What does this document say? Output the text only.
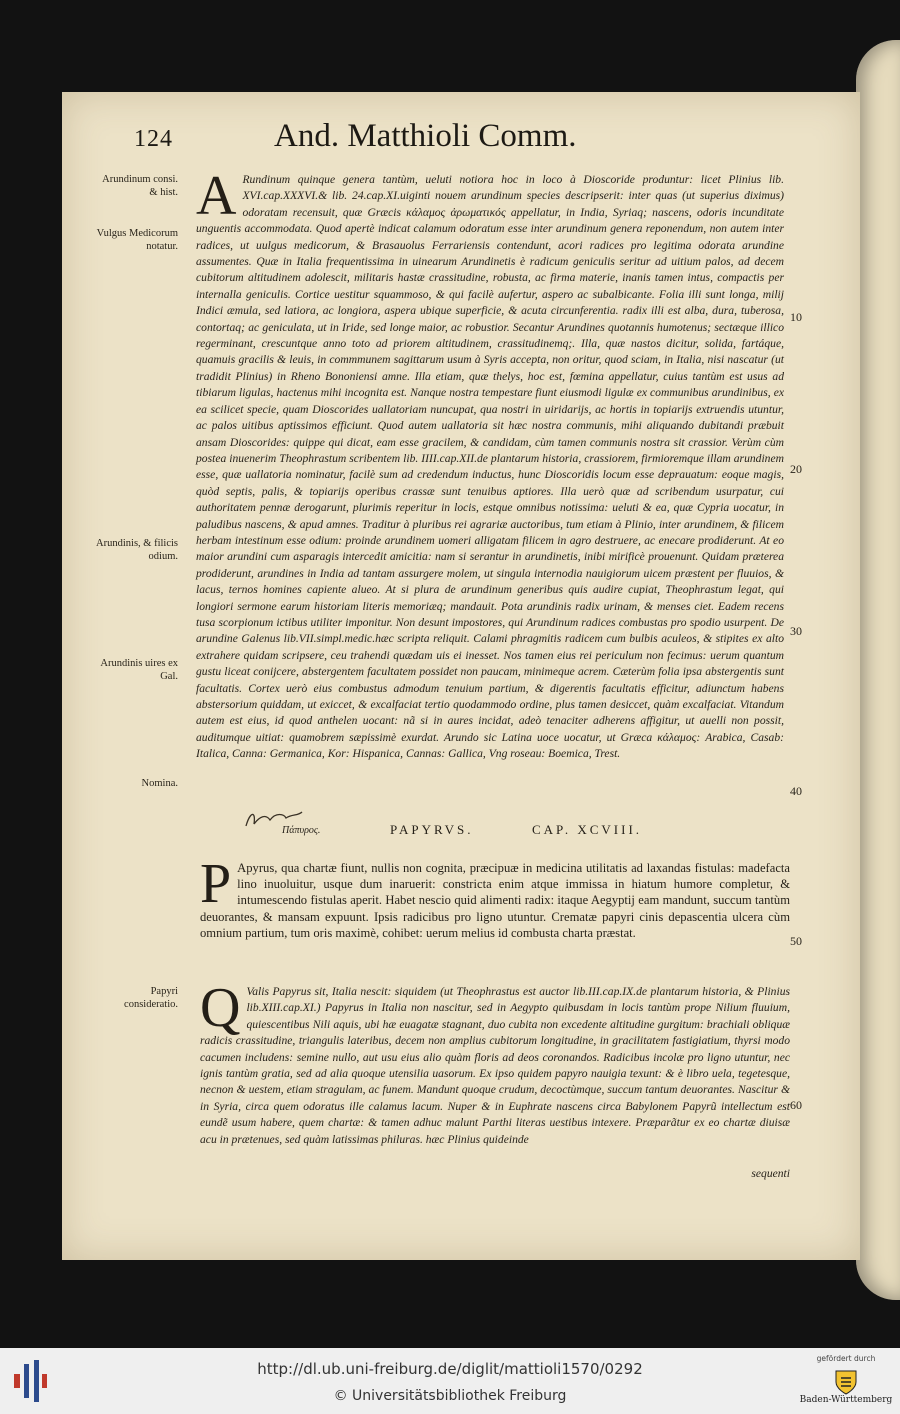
124	And. Matthioli Comm.
Arundinum consi. & hist.
Vulgus Medicorum notatur.
Arundinis, & filicis odium.
Arundinis uires ex Gal.
Nomina.
Papyri consideratio.
A Rundinum quinque genera tantùm, ueluti notiora hoc in loco à Dioscoride produntur: licet Plinius lib. XVI.cap.XXXVI.& lib. 24.cap.XI.uiginti nouem arundinum species descripserit: inter quas (ut superius diximus) odoratam recensuit, quæ Græcis κάλαμος ἀρωματικός appellatur, in India, Syriaq; nascens, odoris incunditate unguentis accommodata. Quod apertè indicat calamum odoratum esse inter arundinum genera reponendum, non autem inter radices, ut uulgus medicorum, & Brasauolus Ferrariensis contendunt, acori radices pro legitima odorata arundine assumentes. Quæ in Italia frequentissima in uinearum Arundinetis è radicum geniculis seritur ad uitium palos, ad decem cubitorum altitudinem adolescit, militaris hastæ crassitudine, robusta, ac firma materie, inanis tamen intus, compactis per internalla geniculis. Cortice uestitur squammoso, & qui facilè aufertur, aspero ac subalbicante. Folia illi sunt longa, milij Indici æmula, sed latiora, ac longiora, aspera ubique superficie, & acuta circunferentia. radix illi est alba, dura, tuberosa, contortaq; ac geniculata, ut in Iride, sed longe maior, ac robustior. Secantur Arundines quotannis humotenus; sectæque illico regerminant, crescuntque anno toto ad priorem altitudinem, crassitudinemq;. Illa, quæ nastos dicitur, solida, fartáque, quamuis gracilis & leuis, in commmunem sagittarum usum à Syris accepta, non oritur, quod sciam, in Italia, nisi nascatur (ut tradidit Plinius) in Rheno Bononiensi amne. Illa etiam, quæ thelys, hoc est, fœmina appellatur, cuius tantùm est usus ad tibiarum ligulas, hactenus mihi incognita est. Nanque nostra tempestare fiunt eiusmodi ligulæ ex communibus arundinibus, ex ea scilicet specie, quam Dioscorides uallatoriam nuncupat, qua nostri in uiridarijs, ac hortis in topiarijs extruendis utuntur, ac palos uitibus aptissimos efficiunt. Quod autem uallatoria sit hæc nostra communis, mihi aliquando dubitandi præbuit ansam Dioscorides: quippe qui dicat, eam esse gracilem, & candidam, cùm tamen communis nostra sit crassior. Verùm cùm postea inuenerim Theophrastum scribentem lib. IIII.cap.XII.de plantarum historia, crassiorem, firmioremque illam arundinem esse, quæ uallatoria nominatur, facilè sum ad credendum inductus, hunc Dioscoridis locum esse deprauatum: eoque magis, quòd septis, palis, & topiarijs operibus crassæ sunt tenuibus aptiores. Illa uerò quæ ad scribendum usurpatur, cui authoritatem pennæ derogarunt, plurimis reperitur in locis, estque omnibus notissima: ueluti & ea, quæ Cypria uocatur, in paludibus nascens, & apud amnes. Traditur à pluribus rei agrariæ auctoribus, tum etiam à Plinio, inter arundinem, & filicem herbam intestinum esse odium: proinde arundinem uomeri alligatam filicem in agro destruere, ac enecare prodiderunt. At eo maior arundini cum asparagis intercedit amicitia: nam si serantur in arundinetis, inibi mirificè prouenunt. Quidam præterea prodiderunt, arundines in India ad tantam assurgere molem, ut singula internodia nauigiorum uicem præstent per fluuios, & lacus, ternos homines capiente alueo. At si plura de arundinum generibus quis audire cupiat, Theophrastum legat, qui longiori sermone earum historiam literis memoriæq; mandauit. Pota arundinis radix urinam, & menses ciet. Eadem recens tusa scorpionum ictibus utiliter imponitur. Non desunt impostores, qui Arundinum radices combustas pro spodio usurpent. De arundine Galenus lib.VII.simpl.medic.hæc scripta reliquit. Calami phragmitis radicem cum bulbis aculeos, & stipites ex alto extrahere quidam scripsere, ceu trahendi quædam uis ei inesset. Nos tamen eius rei periculum non fecimus: uerum quantum gustu liceat conijcere, abstergentem facultatem possidet non paucam, minimeque acrem. Cæterùm folia ipsa abstergentis sunt facultatis. Cortex uerò eius combustus admodum tenuium partium, & digerentis facultatis efficitur, adiunctum habens abstersorium quiddam, ut exiccet, & excalfaciat tertio quodammodo ordine, plus tamen desiccet, quàm excalfaciat. Vitandum autem est eius, id quod anthelen uocant: nã si in aures incidat, adeò tenaciter adherens affigitur, ut auelli non possit, auditumque uitiat: quamobrem sæpissimè exurdat. Arundo sic Latina uoce uocatur, ut Græca κάλαμος: Arabica, Casab: Italica, Canna: Germanica, Kor: Hispanica, Cannas: Gallica, Vng roseau: Boemica, Trest.
10
20
30
40
50
60
Πάπυρος.	PAPYRVS.	CAP. XCVIII.
P Apyrus, qua chartæ fiunt, nullis non cognita, præcipuæ in medicina utilitatis ad laxandas fistulas: madefacta lino inuoluitur, usque dum inaruerit: constricta enim atque immissa in hiatum humore completur, & intumescendo fistulas aperit. Habet nescio quid alimenti radix: itaque Aegyptij eam mandunt, succum tantùm deuorantes, & mansam expuunt. Ipsis radicibus pro ligno utuntur. Crematæ papyri cinis depascentia ulcera cùm omnium partium, tum oris maximè, cohibet: uerum melius id combusta charta præstat.
Q Valis Papyrus sit, Italia nescit: siquidem (ut Theophrastus est auctor lib.III.cap.IX.de plantarum historia, & Plinius lib.XIII.cap.XI.) Papyrus in Italia non nascitur, sed in Aegypto quibusdam in locis tantùm prope Nilium fluuium, quiescentibus Nili aquis, ubi hæ euagatæ stagnant, duo cubita non excedente altitudine gurgitum: brachiali obliquæ radicis crassitudine, triangulis lateribus, decem non amplius cubitorum longitudine, in gracilitatem fastigiatium, thyrsi modo cacumen includens: semine nullo, aut usu eius alio quàm floris ad deos coronandos. Radicibus incolæ pro ligno utuntur, nec ignis tantùm gratia, sed ad alia quoque utensilia uasorum. Ex ipso quidem papyro nauigia texunt: & è libro uela, tegetesque, necnon & uestem, etiam stragulam, ac funem. Mandunt quoque crudum, decoctùmque, succum tantum deuorantes. Nascitur & in Syria, circa quem odoratus ille calamus lacum. Nuper & in Euphrate nascens circa Babylonem Papyrũ intellectum est eundẽ usum habere, quem chartæ: & tamen adhuc malunt Parthi literas uestibus intexere. Præparãtur ex eo chartæ diuisæ acu in prætenues, sed quàm latissimas philuras. hæc Plinius quideinde
sequenti
http://dl.ub.uni-freiburg.de/diglit/mattioli1570/0292
© Universitätsbibliothek Freiburg
gefördert durch
Baden-Württemberg
